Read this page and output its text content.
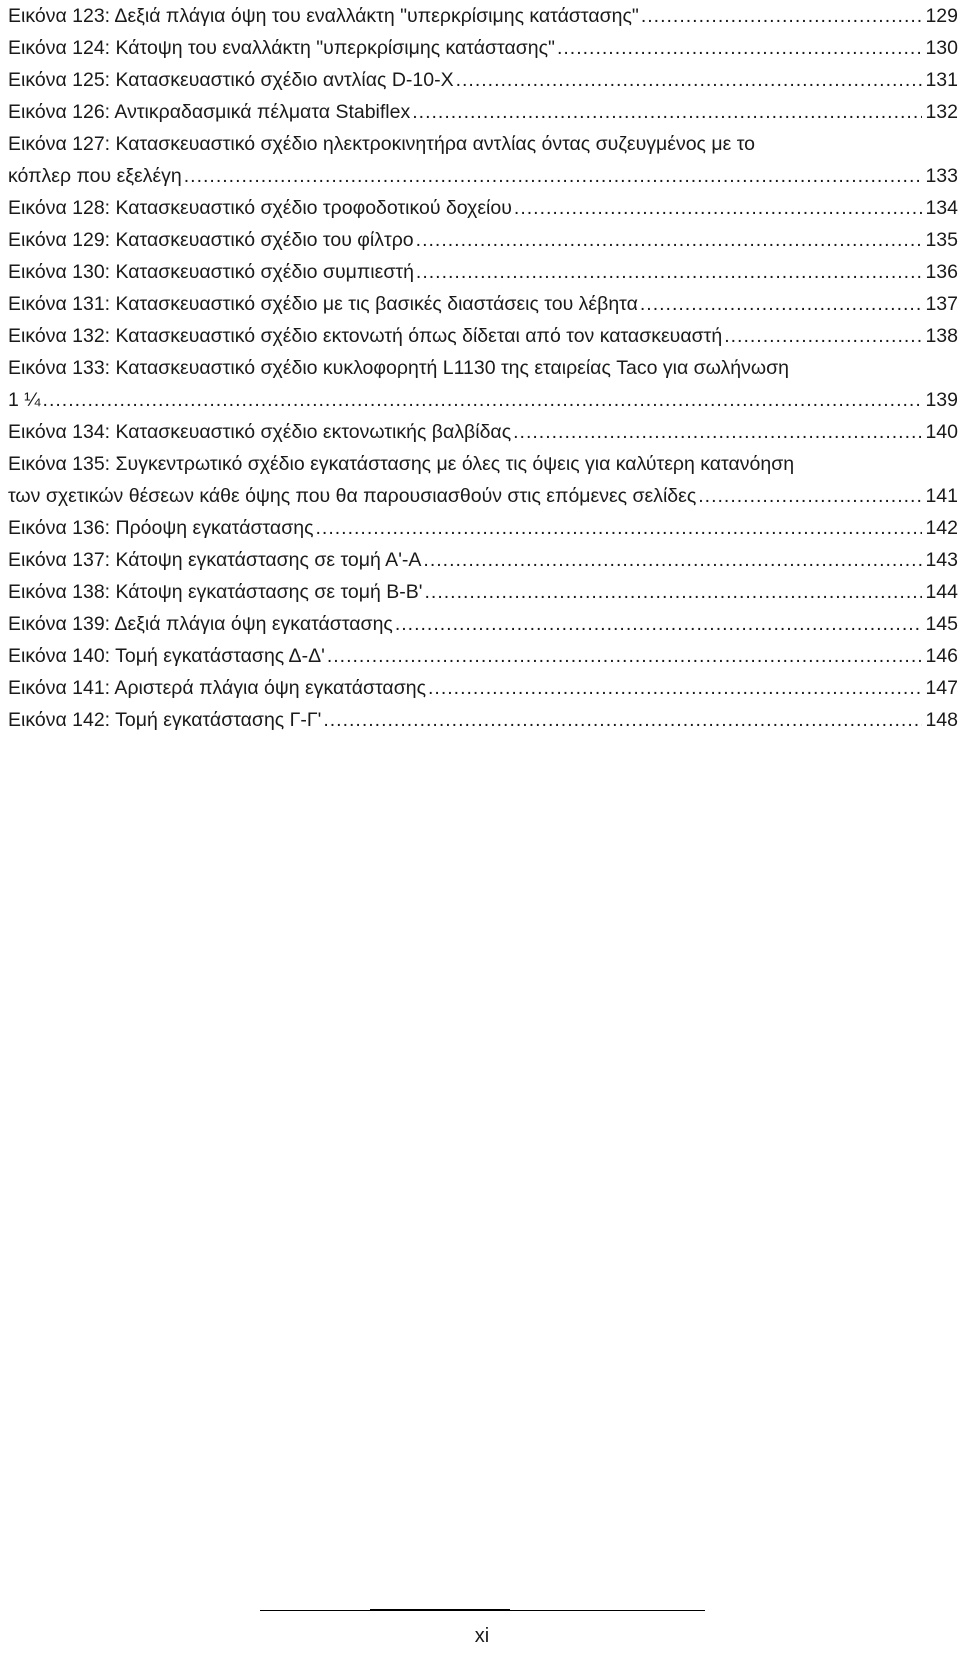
Εικόνα 123: Δεξιά πλάγια όψη του εναλλάκτη "υπερκρίσιμης κατάστασης" .....	129
Εικόνα 124: Κάτοψη του εναλλάκτη "υπερκρίσιμης κατάστασης" .....	130
Εικόνα 125: Κατασκευαστικό σχέδιο αντλίας D-10-X .....	131
Εικόνα 126: Αντικραδασμικά πέλματα Stabiflex .....	132
Εικόνα 127: Κατασκευαστικό σχέδιο ηλεκτροκινητήρα αντλίας όντας συζευγμένος με το
κόπλερ που εξελέγη .....	133
Εικόνα 128: Κατασκευαστικό σχέδιο τροφοδοτικού δοχείου .....	134
Εικόνα 129: Κατασκευαστικό σχέδιο του φίλτρο .....	135
Εικόνα 130: Κατασκευαστικό σχέδιο συμπιεστή .....	136
Εικόνα 131: Κατασκευαστικό σχέδιο με τις βασικές διαστάσεις του λέβητα .....	137
Εικόνα 132: Κατασκευαστικό σχέδιο εκτονωτή όπως δίδεται από τον κατασκευαστή .....	138
Εικόνα 133: Κατασκευαστικό σχέδιο κυκλοφορητή L1130 της εταιρείας Taco για σωλήνωση
1 ¼ .....	139
Εικόνα 134: Κατασκευαστικό σχέδιο εκτονωτικής βαλβίδας .....	140
Εικόνα 135: Συγκεντρωτικό σχέδιο εγκατάστασης με όλες τις όψεις για καλύτερη κατανόηση
των σχετικών θέσεων κάθε όψης που θα παρουσιασθούν στις επόμενες σελίδες .....	141
Εικόνα 136: Πρόοψη εγκατάστασης .....	142
Εικόνα 137: Κάτοψη εγκατάστασης σε τομή Α'-Α .....	143
Εικόνα 138: Κάτοψη εγκατάστασης σε τομή Β-Β' .....	144
Εικόνα 139: Δεξιά πλάγια όψη εγκατάστασης .....	145
Εικόνα 140: Τομή εγκατάστασης Δ-Δ' .....	146
Εικόνα 141: Αριστερά πλάγια όψη εγκατάστασης .....	147
Εικόνα 142: Τομή εγκατάστασης Γ-Γ' .....	148
xi
